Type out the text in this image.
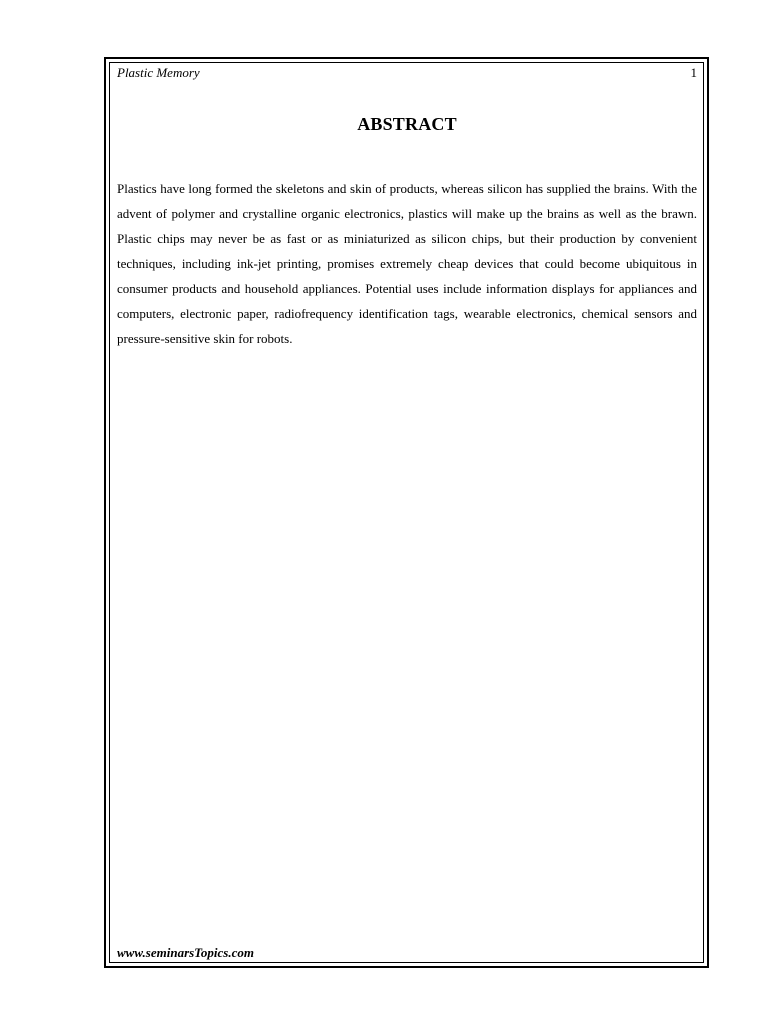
Plastic Memory	1
ABSTRACT

Plastics have long formed the skeletons and skin of products, whereas silicon has supplied the brains. With the advent of polymer and crystalline organic electronics, plastics will make up the brains as well as the brawn. Plastic chips may never be as fast or as miniaturized as silicon chips, but their production by convenient techniques, including ink-jet printing, promises extremely cheap devices that could become ubiquitous in consumer products and household appliances. Potential uses include information displays for appliances and computers, electronic paper, radiofrequency identification tags, wearable electronics, chemical sensors and pressure-sensitive skin for robots.

www.seminarsTopics.com
